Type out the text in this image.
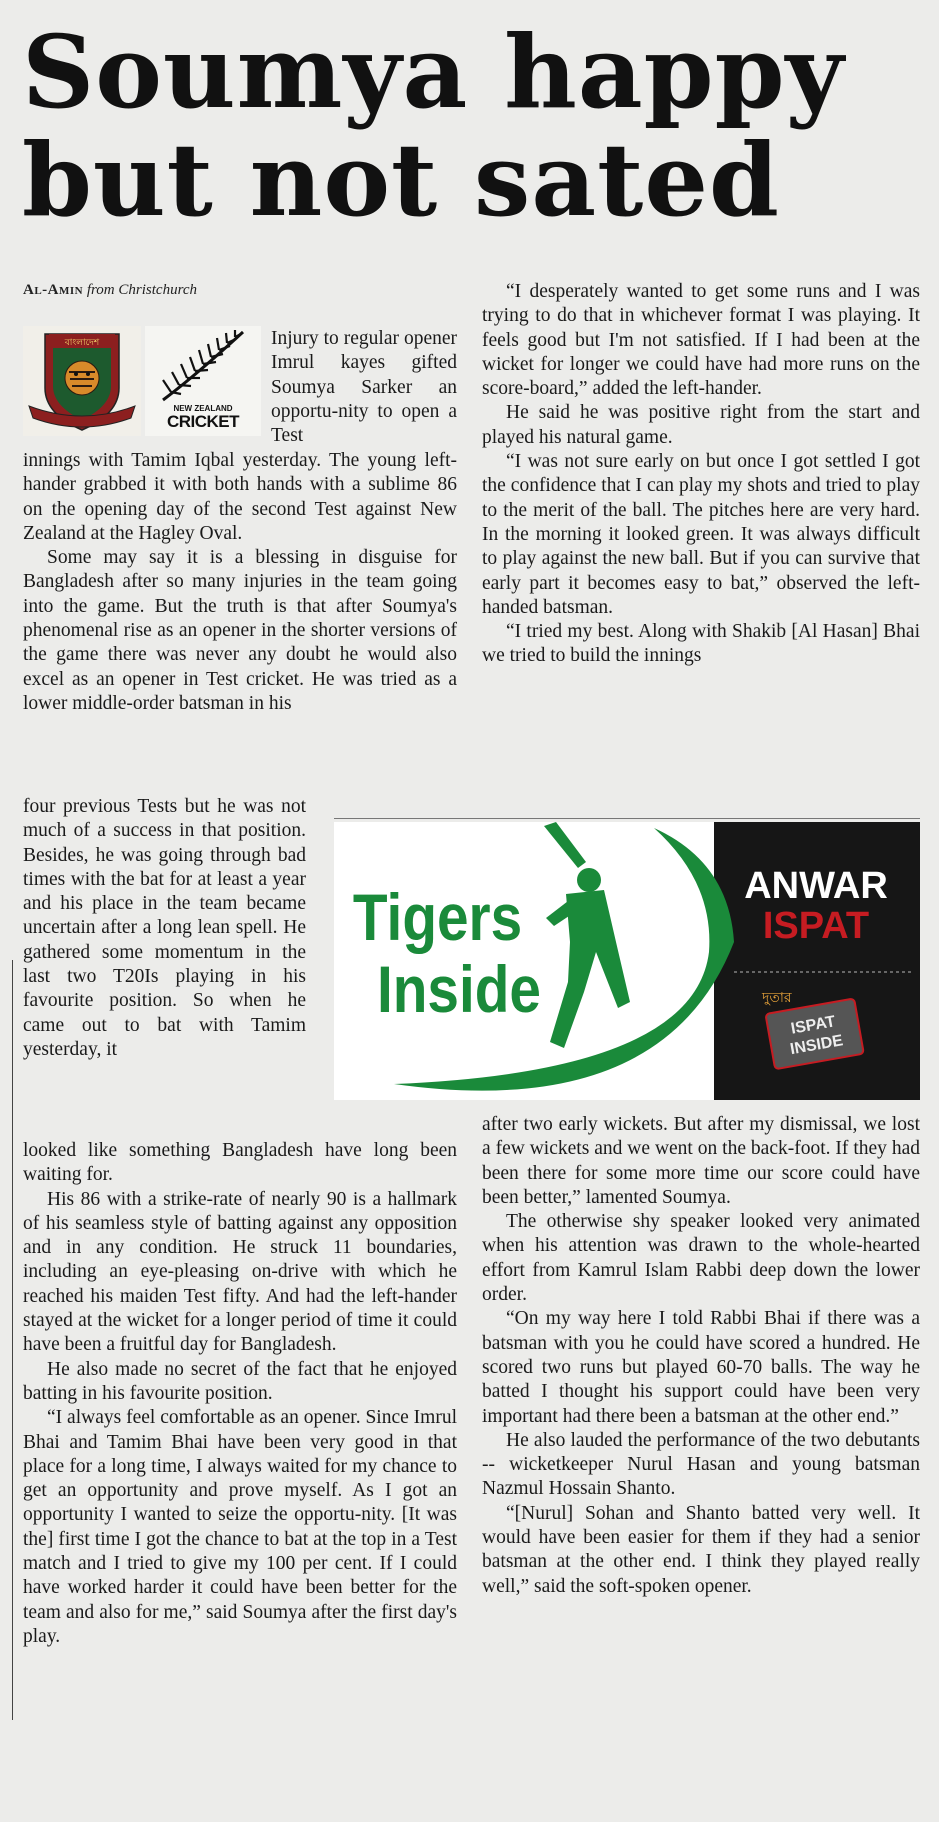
Soumya happy
but not sated
Al-Amin from Christchurch
বাংলাদেশ
NEW ZEALAND
CRICKET

Injury to regular opener Imrul kayes gifted Soumya Sarker an opportu-nity to open a Test

innings with Tamim Iqbal yesterday. The young left-hander grabbed it with both hands with a sublime 86 on the opening day of the second Test against New Zealand at the Hagley Oval.

Some may say it is a blessing in disguise for Bangladesh after so many injuries in the team going into the game. But the truth is that after Soumya's phenomenal rise as an opener in the shorter versions of the game there was never any doubt he would also excel as an opener in Test cricket. He was tried as a lower middle-order batsman in his

four previous Tests but he was not much of a success in that position. Besides, he was going through bad times with the bat for at least a year and his place in the team became uncertain after a long lean spell. He gathered some momentum in the last two T20Is playing in his favourite position. So when he came out to bat with Tamim yesterday, it

looked like something Bangladesh have long been waiting for.

His 86 with a strike-rate of nearly 90 is a hallmark of his seamless style of batting against any opposition and in any condition. He struck 11 boundaries, including an eye-pleasing on-drive with which he reached his maiden Test fifty. And had the left-hander stayed at the wicket for a longer period of time it could have been a fruitful day for Bangladesh.

He also made no secret of the fact that he enjoyed batting in his favourite position.

“I always feel comfortable as an opener. Since Imrul Bhai and Tamim Bhai have been very good in that place for a long time, I always waited for my chance to get an opportunity and prove myself. As I got an opportunity I wanted to seize the opportu-nity. [It was the] first time I got the chance to bat at the top in a Test match and I tried to give my 100 per cent. If I could have worked harder it could have been better for the team and also for me,” said Soumya after the first day's play.

“I desperately wanted to get some runs and I was trying to do that in whichever format I was playing. It feels good but I'm not satisfied. If I had been at the wicket for longer we could have had more runs on the score-board,” added the left-hander.

He said he was positive right from the start and played his natural game.

“I was not sure early on but once I got settled I got the confidence that I can play my shots and tried to play to the merit of the ball. The pitches here are very hard. In the morning it looked green. It was always difficult to play against the new ball. But if you can survive that early part it becomes easy to bat,” observed the left-handed batsman.

“I tried my best. Along with Shakib [Al Hasan] Bhai we tried to build the innings

after two early wickets. But after my dismissal, we lost a few wickets and we went on the back-foot. If they had been there for some more time our score could have been better,” lamented Soumya.

The otherwise shy speaker looked very animated when his attention was drawn to the whole-hearted effort from Kamrul Islam Rabbi deep down the lower order.

“On my way here I told Rabbi Bhai if there was a batsman with you he could have scored a hundred. He scored two runs but played 60-70 balls. The way he batted I thought his support could have been very important had there been a batsman at the other end.”

He also lauded the performance of the two debutants -- wicketkeeper Nurul Hasan and young batsman Nazmul Hossain Shanto.

“[Nurul] Sohan and Shanto batted very well. It would have been easier for them if they had a senior batsman at the other end. I think they played really well,” said the soft-spoken opener.

Tigers
Inside
ANWAR
ISPAT
ISPAT
INSIDE
দুতার
